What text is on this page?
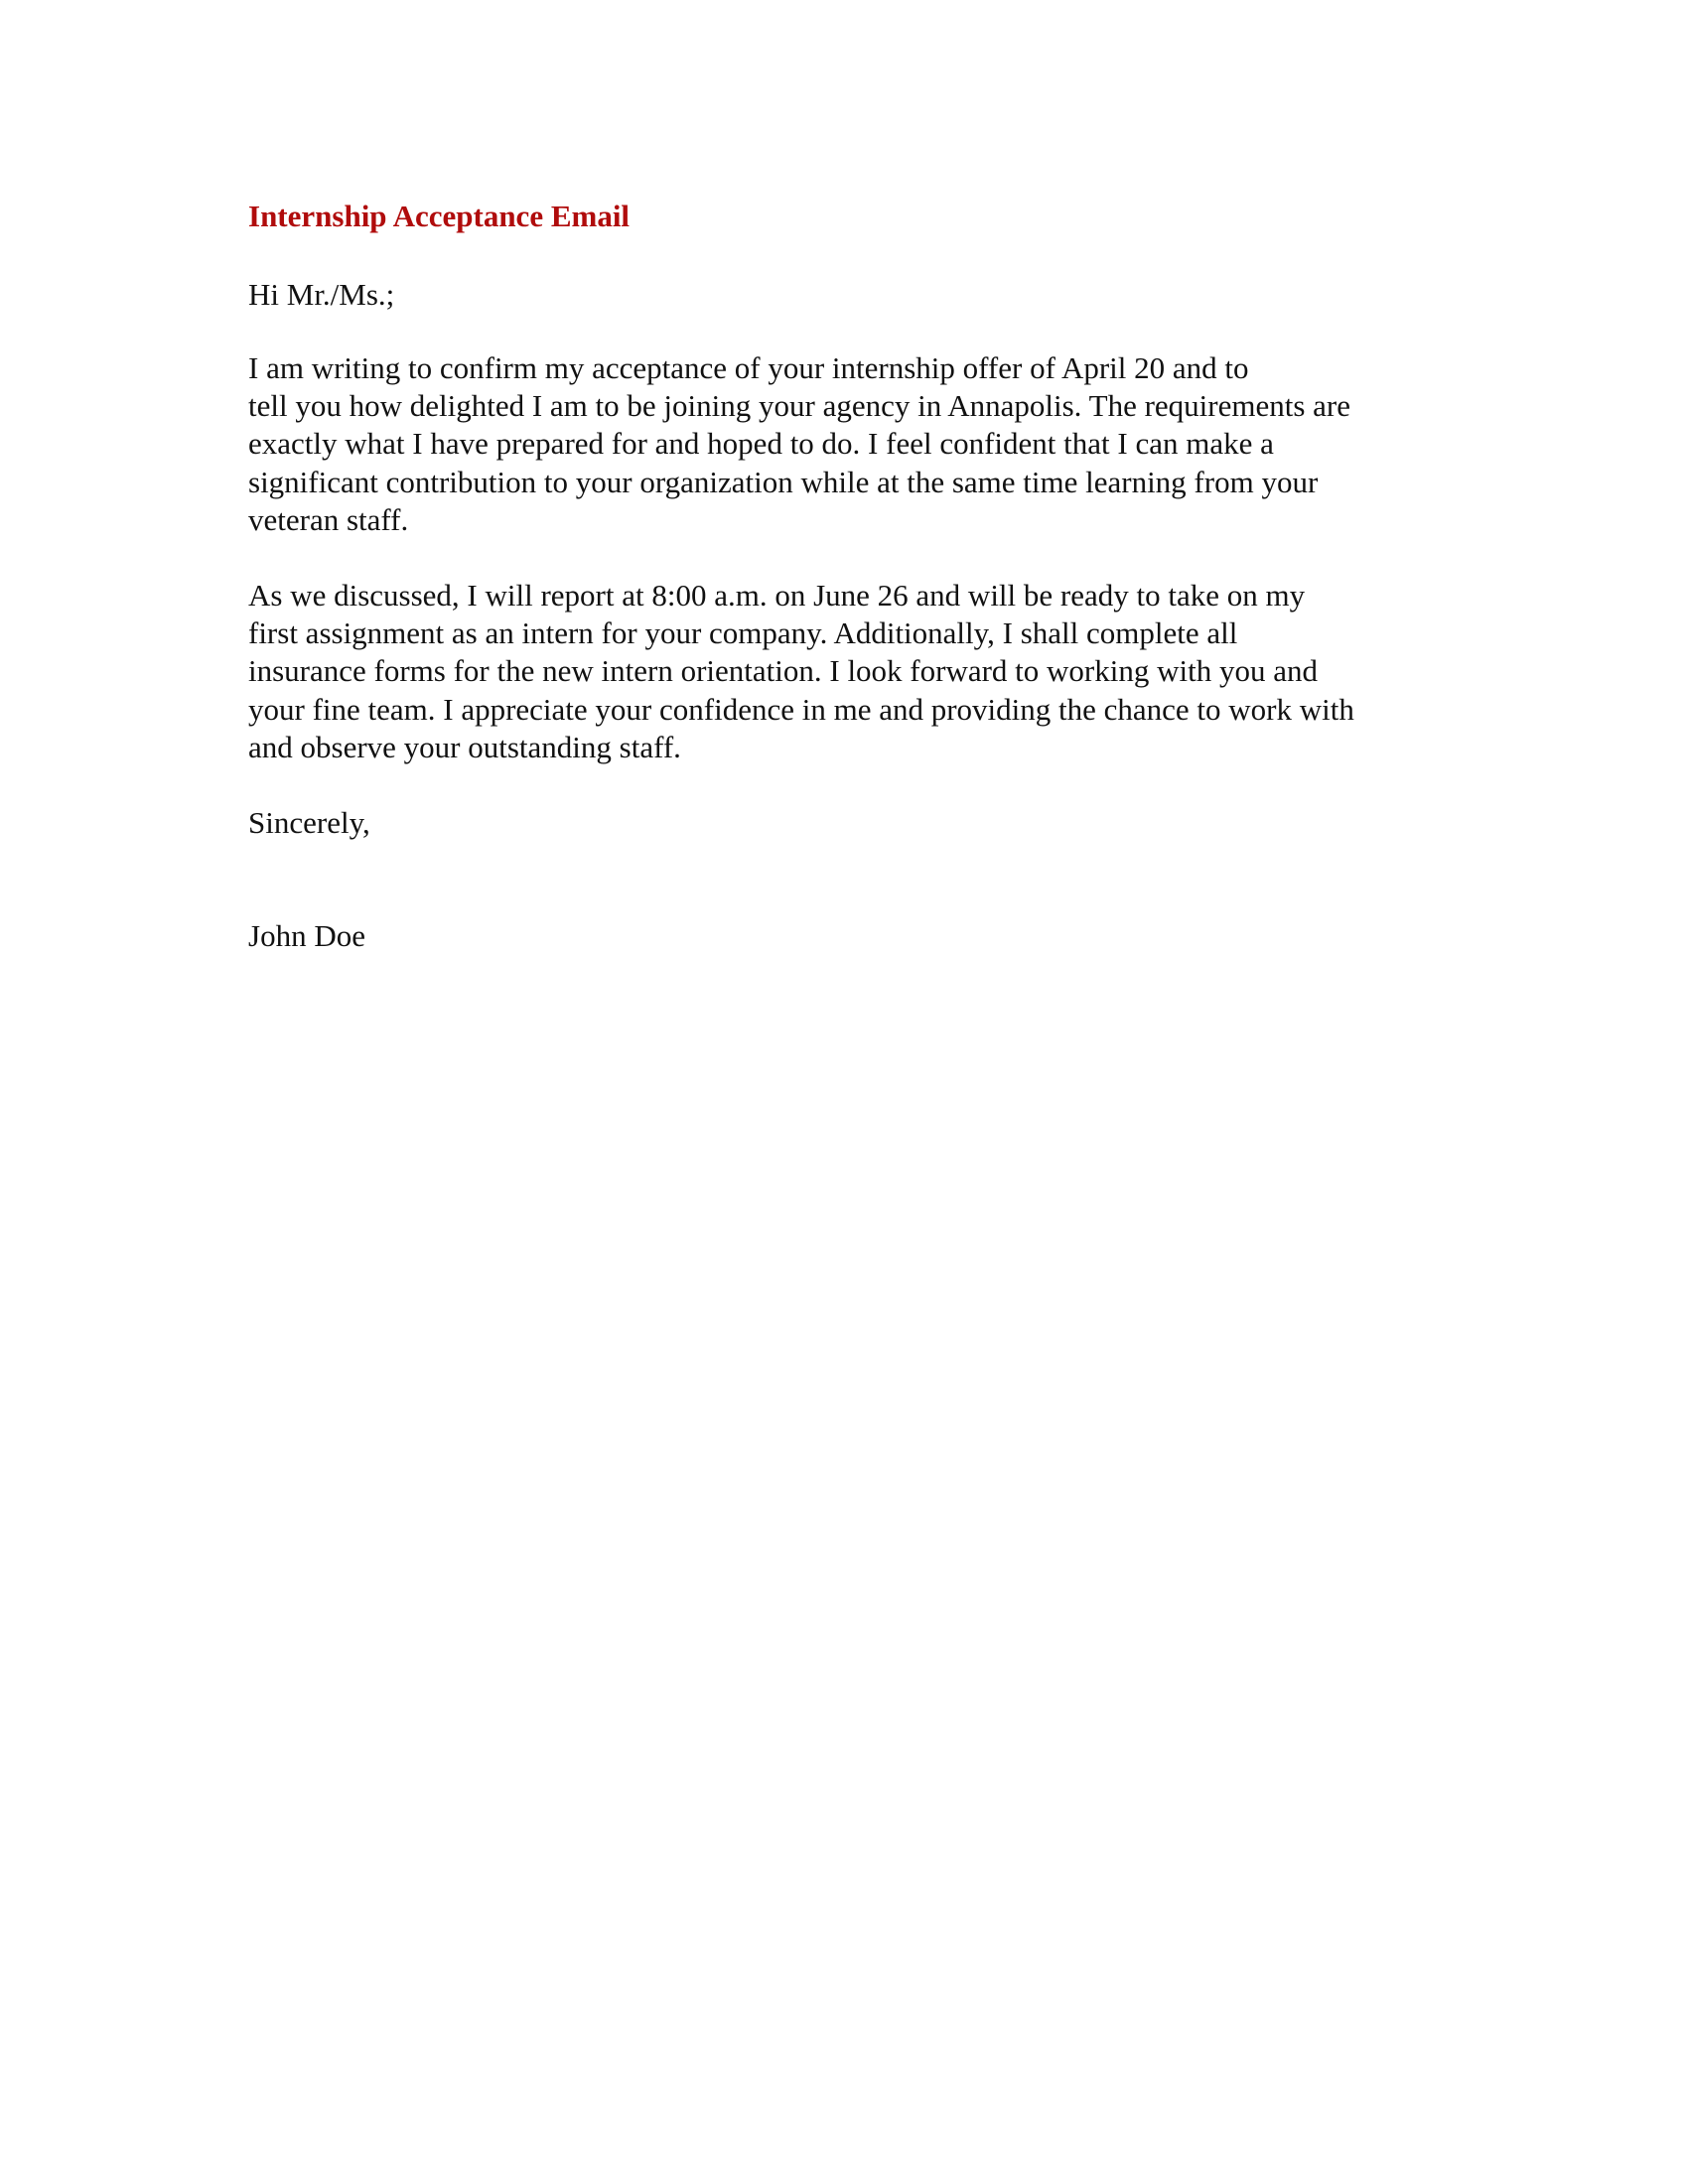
Internship Acceptance Email

Hi Mr./Ms.;

I am writing to confirm my acceptance of your internship offer of April 20 and to
tell you how delighted I am to be joining your agency in Annapolis. The requirements are
exactly what I have prepared for and hoped to do. I feel confident that I can make a
significant contribution to your organization while at the same time learning from your
veteran staff.
As we discussed, I will report at 8:00 a.m. on June 26 and will be ready to take on my
first assignment as an intern for your company. Additionally, I shall complete all
insurance forms for the new intern orientation. I look forward to working with you and
your fine team. I appreciate your confidence in me and providing the chance to work with
and observe your outstanding staff.

Sincerely,

John Doe
